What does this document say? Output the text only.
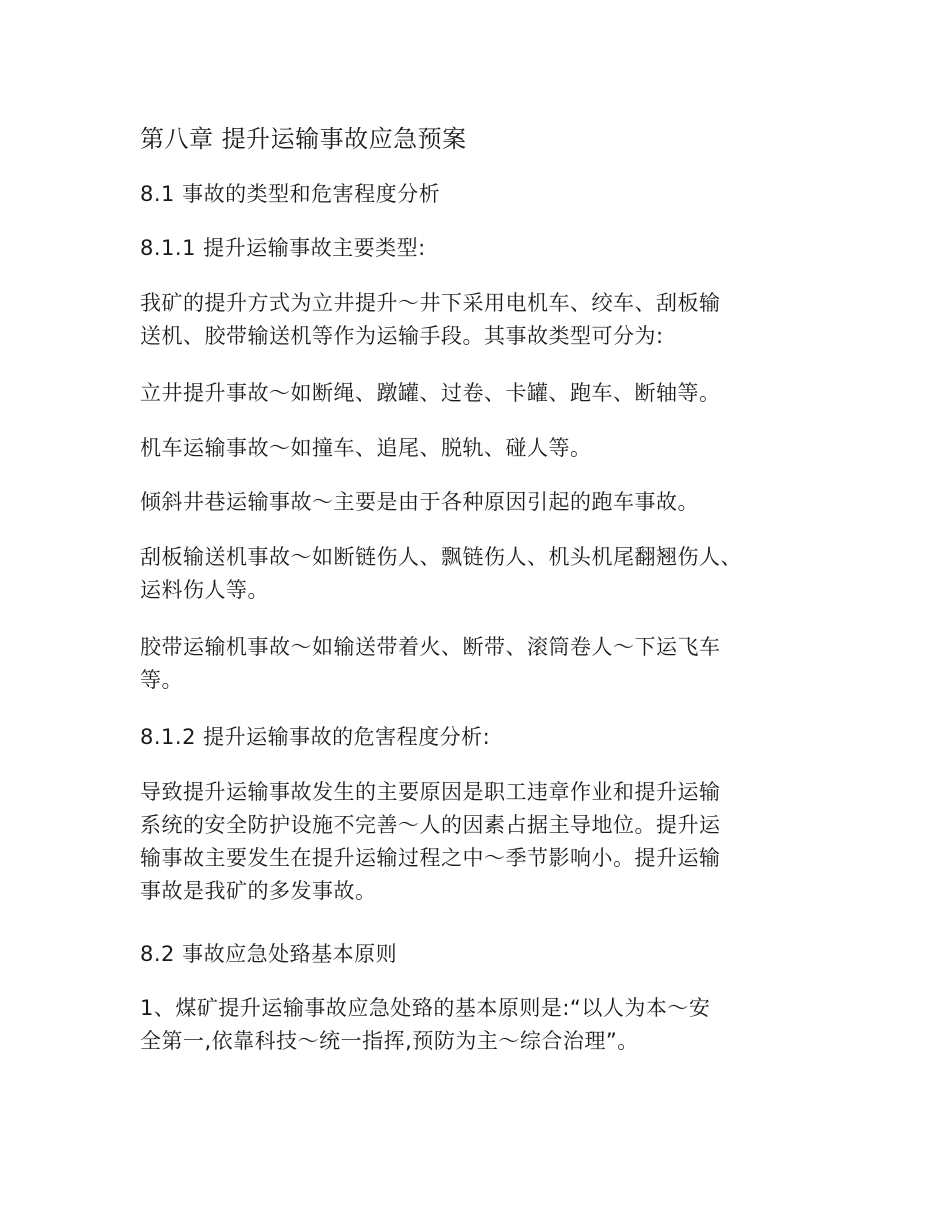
第八章 提升运输事故应急预案
8.1 事故的类型和危害程度分析
8.1.1 提升运输事故主要类型:
我矿的提升方式为立井提升～井下采用电机车、绞车、刮板输
送机、胶带输送机等作为运输手段。其事故类型可分为:
立井提升事故～如断绳、蹾罐、过卷、卡罐、跑车、断轴等。
机车运输事故～如撞车、追尾、脱轨、碰人等。
倾斜井巷运输事故～主要是由于各种原因引起的跑车事故。
刮板输送机事故～如断链伤人、飘链伤人、机头机尾翻翘伤人、
运料伤人等。
胶带运输机事故～如输送带着火、断带、滚筒卷人～下运飞车
等。
8.1.2 提升运输事故的危害程度分析:
导致提升运输事故发生的主要原因是职工违章作业和提升运输
系统的安全防护设施不完善～人的因素占据主导地位。提升运
输事故主要发生在提升运输过程之中～季节影响小。提升运输
事故是我矿的多发事故。
8.2 事故应急处臵基本原则
1、煤矿提升运输事故应急处臵的基本原则是:“以人为本～安
全第一,依靠科技～统一指挥,预防为主～综合治理”。
